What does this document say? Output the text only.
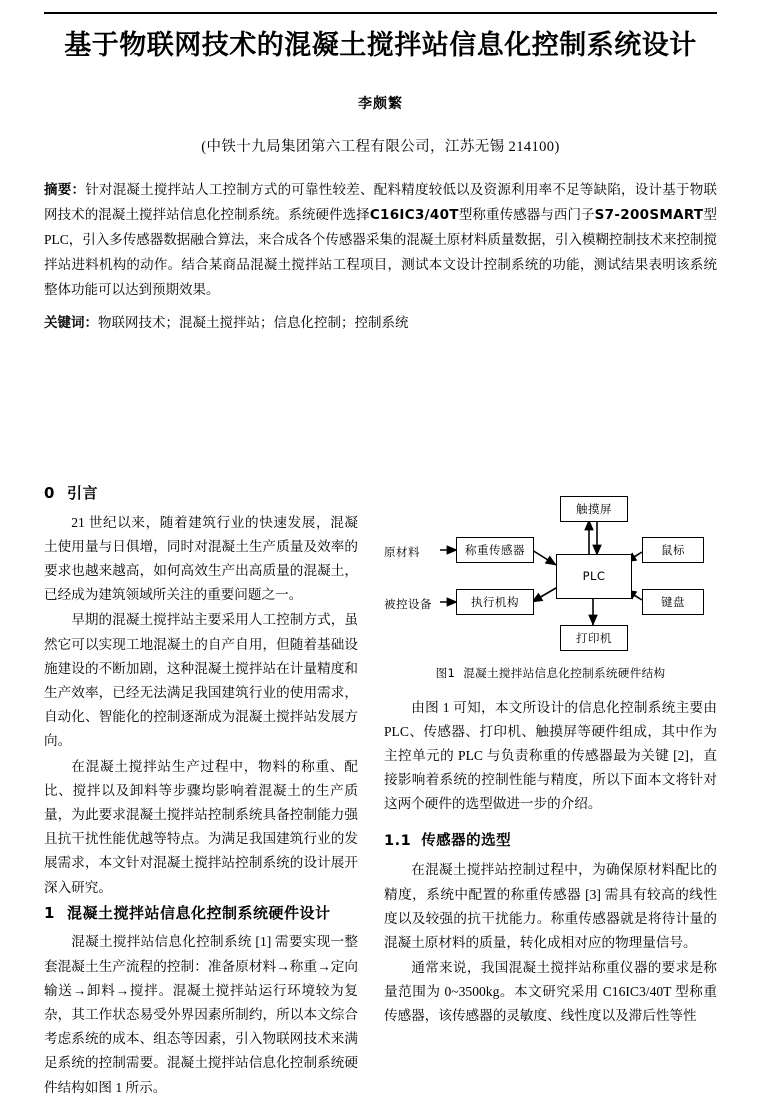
基于物联网技术的混凝土搅拌站信息化控制系统设计
李颇繁
(中铁十九局集团第六工程有限公司，江苏无锡 214100)
摘要：针对混凝土搅拌站人工控制方式的可靠性较差、配料精度较低以及资源利用率不足等缺陷，设计基于物联网技术的混凝土搅拌站信息化控制系统。系统硬件选择C16IC3/40T型称重传感器与西门子S7-200SMART型 PLC，引入多传感器数据融合算法，来合成各个传感器采集的混凝土原材料质量数据，引入模糊控制技术来控制搅拌站进料机构的动作。结合某商品混凝土搅拌站工程项目，测试本文设计控制系统的功能，测试结果表明该系统整体功能可以达到预期效果。
关键词：物联网技术；混凝土搅拌站；信息化控制；控制系统
0 引言

21 世纪以来，随着建筑行业的快速发展，混凝土使用量与日俱增，同时对混凝土生产质量及效率的要求也越来越高，如何高效生产出高质量的混凝土，已经成为建筑领域所关注的重要问题之一。

早期的混凝土搅拌站主要采用人工控制方式，虽然它可以实现工地混凝土的自产自用，但随着基础设施建设的不断加剧，这种混凝土搅拌站在计量精度和生产效率，已经无法满足我国建筑行业的使用需求，自动化、智能化的控制逐渐成为混凝土搅拌站发展方向。

在混凝土搅拌站生产过程中，物料的称重、配比、搅拌以及卸料等步骤均影响着混凝土的生产质量，为此要求混凝土搅拌站控制系统具备控制能力强且抗干扰性能优越等特点。为满足我国建筑行业的发展需求，本文针对混凝土搅拌站控制系统的设计展开深入研究。

1 混凝土搅拌站信息化控制系统硬件设计

混凝土搅拌站信息化控制系统 [1] 需要实现一整套混凝土生产流程的控制：准备原材料→称重→定向输送→卸料→搅拌。混凝土搅拌站运行环境较为复杂，其工作状态易受外界因素所制约，所以本文综合考虑系统的成本、组态等因素，引入物联网技术来满足系统的控制需要。混凝土搅拌站信息化控制系统硬件结构如图 1 所示。

触摸屏
原材料	称重传感器
PLC
鼠标
被控设备	执行机构	键盘
打印机
图1 混凝土搅拌站信息化控制系统硬件结构

由图 1 可知，本文所设计的信息化控制系统主要由 PLC、传感器、打印机、触摸屏等硬件组成，其中作为主控单元的 PLC 与负责称重的传感器最为关键 [2]，直接影响着系统的控制性能与精度，所以下面本文将针对这两个硬件的选型做进一步的介绍。

1.1 传感器的选型

在混凝土搅拌站控制过程中，为确保原材料配比的精度，系统中配置的称重传感器 [3] 需具有较高的线性度以及较强的抗干扰能力。称重传感器就是将待计量的混凝土原材料的质量，转化成相对应的物理量信号。

通常来说，我国混凝土搅拌站称重仪器的要求是称量范围为 0~3500kg。本文研究采用 C16IC3/40T 型称重传感器，该传感器的灵敏度、线性度以及滞后性等性
